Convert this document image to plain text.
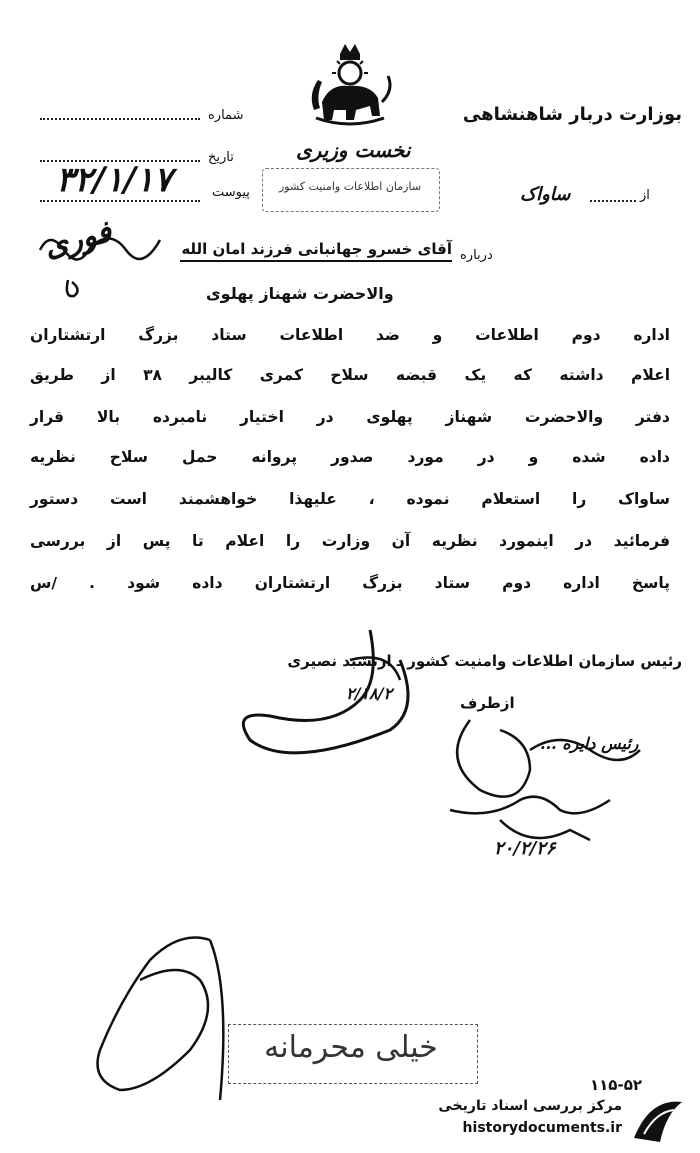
بوزارت دربار شاهنشاهی
شماره
تاریخ	نخست وزیری
پیوست
۳۲/۱/۱۷	سازمان اطلاعات وامنیت کشور
از
ساواک
درباره
آقای خسرو جهانبانی فرزند امان الله
فوری
والاحضرت شهناز پهلوی
اداره دوم اطلاعات و ضد اطلاعات ستاد بزرگ ارتشتاران
اعلام داشته که یک قبضه سلاح کمری کالیبر ۳۸ از طریق
دفتر والاحضرت شهناز پهلوی در اختیار نامبرده بالا قرار
داده شده و در مورد صدور پروانه حمل سلاح نظریه
ساواک را استعلام نموده ، علیهذا خواهشمند است دستور
فرمائید در اینمورد نظریه آن وزارت را اعلام تا پس از بررسی
پاسخ اداره دوم ستاد بزرگ ارتشتاران داده شود . /س
رئیس سازمان اطلاعات وامنیت کشور ـ ارتشبد نصیری
ازطرف
۲/۱۸/۲
رئیس دایره ...
۲۰/۲/۲۶
خیلی محرمانه
۱۱۵-۵۲
مرکز بررسی اسناد تاریخی
historydocuments.ir
